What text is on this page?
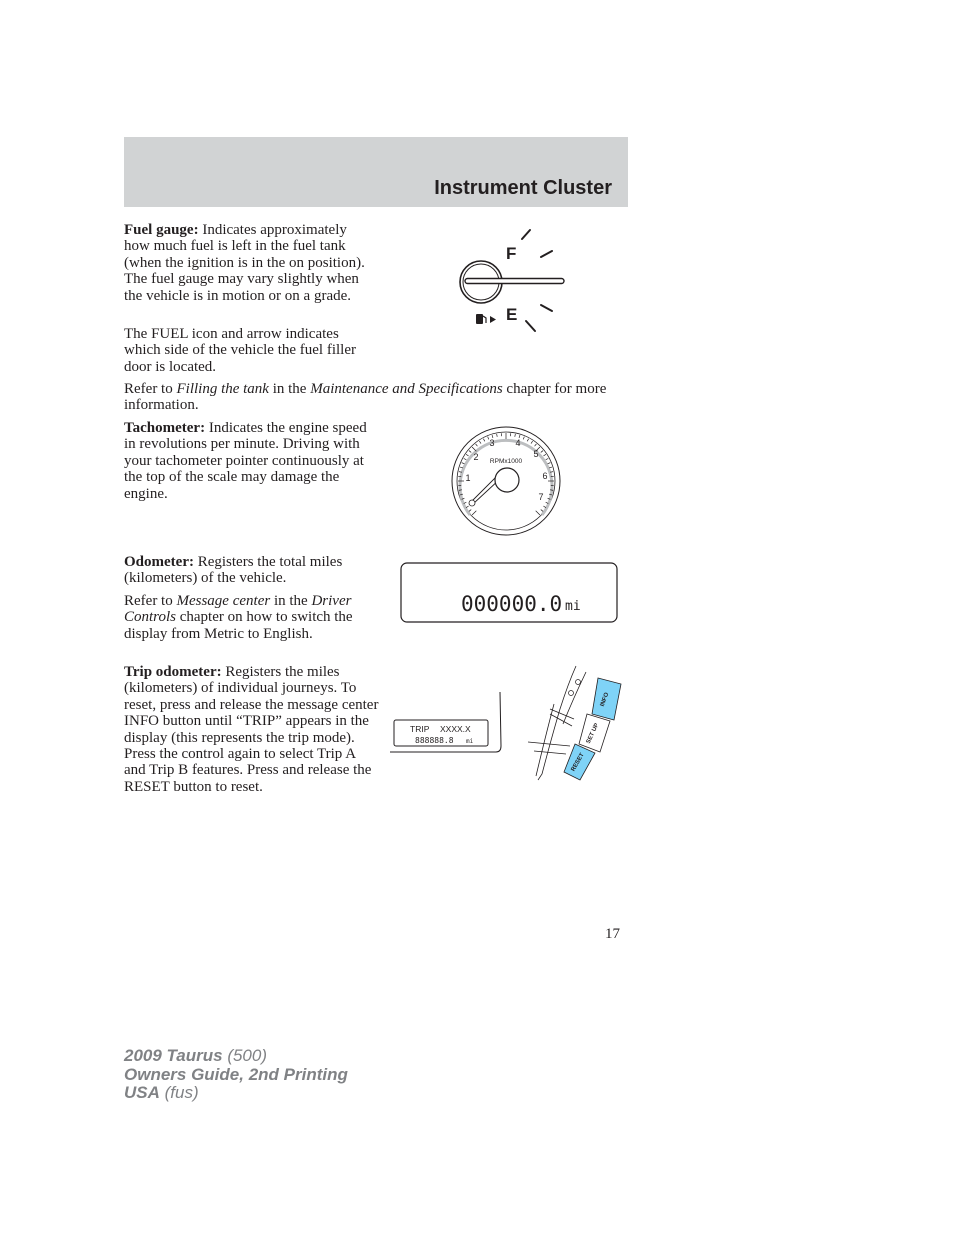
Instrument Cluster

Fuel gauge: Indicates approximately how much fuel is left in the fuel tank (when the ignition is in the on position). The fuel gauge may vary slightly when the vehicle is in motion or on a grade.

The FUEL icon and arrow indicates which side of the vehicle the fuel filler door is located.

Refer to Filling the tank in the Maintenance and Specifications chapter for more information.

F
E

Tachometer: Indicates the engine speed in revolutions per minute. Driving with your tachometer pointer continuously at the top of the scale may damage the engine.

1
2
3 4
5
6
7
RPMx1000

Odometer: Registers the total miles (kilometers) of the vehicle.

Refer to Message center in the Driver Controls chapter on how to switch the display from Metric to English.

000000.0 mi

Trip odometer: Registers the miles (kilometers) of individual journeys. To reset, press and release the message center INFO button until “TRIP” appears in the display (this represents the trip mode). Press the control again to select Trip A and Trip B features. Press and release the RESET button to reset.

TRIP XXXX.X
888888.8 mi
INFO
SET UP
RESET
17
2009 Taurus (500)
Owners Guide, 2nd Printing
USA (fus)
